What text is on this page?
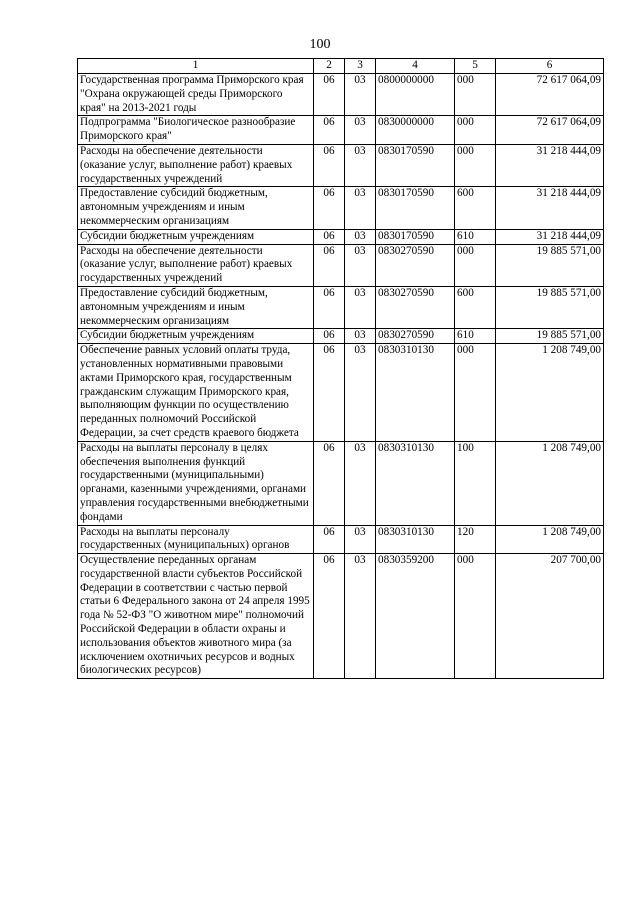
100
1	2	3	4	5	6
Государственная программа Приморского края "Охрана окружающей среды Приморского края" на 2013-2021 годы	06	03	0800000000	000	72 617 064,09
Подпрограмма "Биологическое разнообразие Приморского края"	06	03	0830000000	000	72 617 064,09
Расходы на обеспечение деятельности (оказание услуг, выполнение работ) краевых государственных учреждений	06	03	0830170590	000	31 218 444,09
Предоставление субсидий бюджетным, автономным учреждениям и иным некоммерческим организациям	06	03	0830170590	600	31 218 444,09
Субсидии бюджетным учреждениям	06	03	0830170590	610	31 218 444,09
Расходы на обеспечение деятельности (оказание услуг, выполнение работ) краевых государственных учреждений	06	03	0830270590	000	19 885 571,00
Предоставление субсидий бюджетным, автономным учреждениям и иным некоммерческим организациям	06	03	0830270590	600	19 885 571,00
Субсидии бюджетным учреждениям	06	03	0830270590	610	19 885 571,00
Обеспечение равных условий оплаты труда, установленных нормативными правовыми актами Приморского края, государственным гражданским служащим Приморского края, выполняющим функции по осуществлению переданных полномочий Российской Федерации, за счет средств краевого бюджета	06	03	0830310130	000	1 208 749,00
Расходы на выплаты персоналу в целях обеспечения выполнения функций государственными (муниципальными) органами, казенными учреждениями, органами управления государственными внебюджетными фондами	06	03	0830310130	100	1 208 749,00
Расходы на выплаты персоналу государственных (муниципальных) органов	06	03	0830310130	120	1 208 749,00
Осуществление переданных органам государственной власти субъектов Российской Федерации в соответствии с частью первой статьи 6 Федерального закона от 24 апреля 1995 года № 52-ФЗ "О животном мире" полномочий Российской Федерации в области охраны и использования объектов животного мира (за исключением охотничьих ресурсов и водных биологических ресурсов)	06	03	0830359200	000	207 700,00
